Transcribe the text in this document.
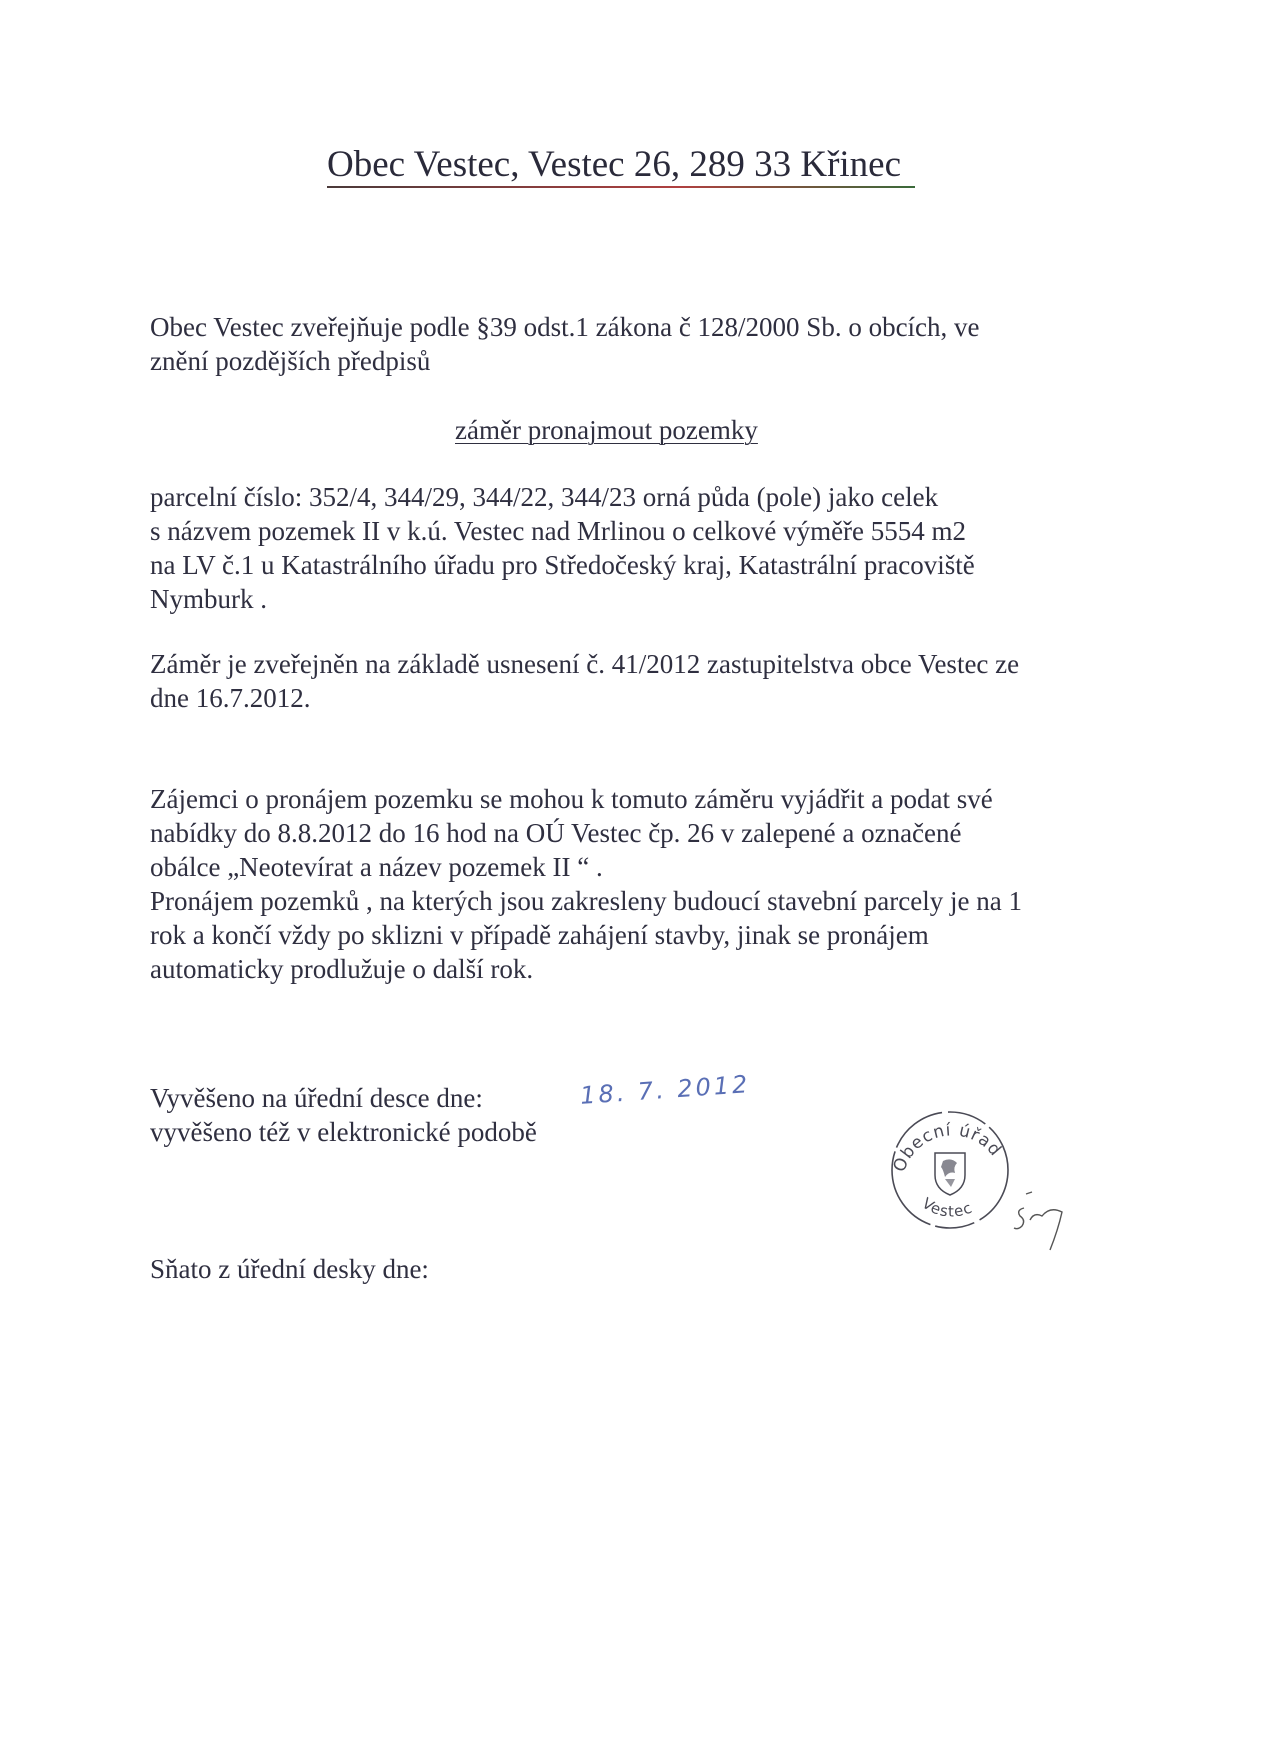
Obec Vestec, Vestec 26, 289 33 Křinec
Obec Vestec zveřejňuje podle §39 odst.1 zákona č 128/2000 Sb. o obcích, ve
znění pozdějších předpisů
záměr pronajmout pozemky
parcelní číslo: 352/4, 344/29, 344/22, 344/23 orná půda (pole) jako celek
s názvem pozemek II v k.ú. Vestec nad Mrlinou o celkové výměře 5554 m2
na LV č.1 u Katastrálního úřadu pro Středočeský kraj, Katastrální pracoviště
Nymburk .
Záměr je zveřejněn na základě usnesení č. 41/2012 zastupitelstva obce Vestec ze
dne 16.7.2012.
Zájemci o pronájem pozemku se mohou k tomuto záměru vyjádřit a podat své
nabídky do 8.8.2012 do 16 hod na OÚ Vestec čp. 26 v zalepené a označené
obálce „Neotevírat a název pozemek II “ .
Pronájem pozemků , na kterých jsou zakresleny budoucí stavební parcely je na 1
rok a končí vždy po sklizni v případě zahájení stavby, jinak se pronájem
automaticky prodlužuje o další rok.
Vyvěšeno na úřední desce dne:
vyvěšeno též v elektronické podobě
18. 7. 2012
Obecní úřad
Vestec
Sňato z úřední desky dne:
